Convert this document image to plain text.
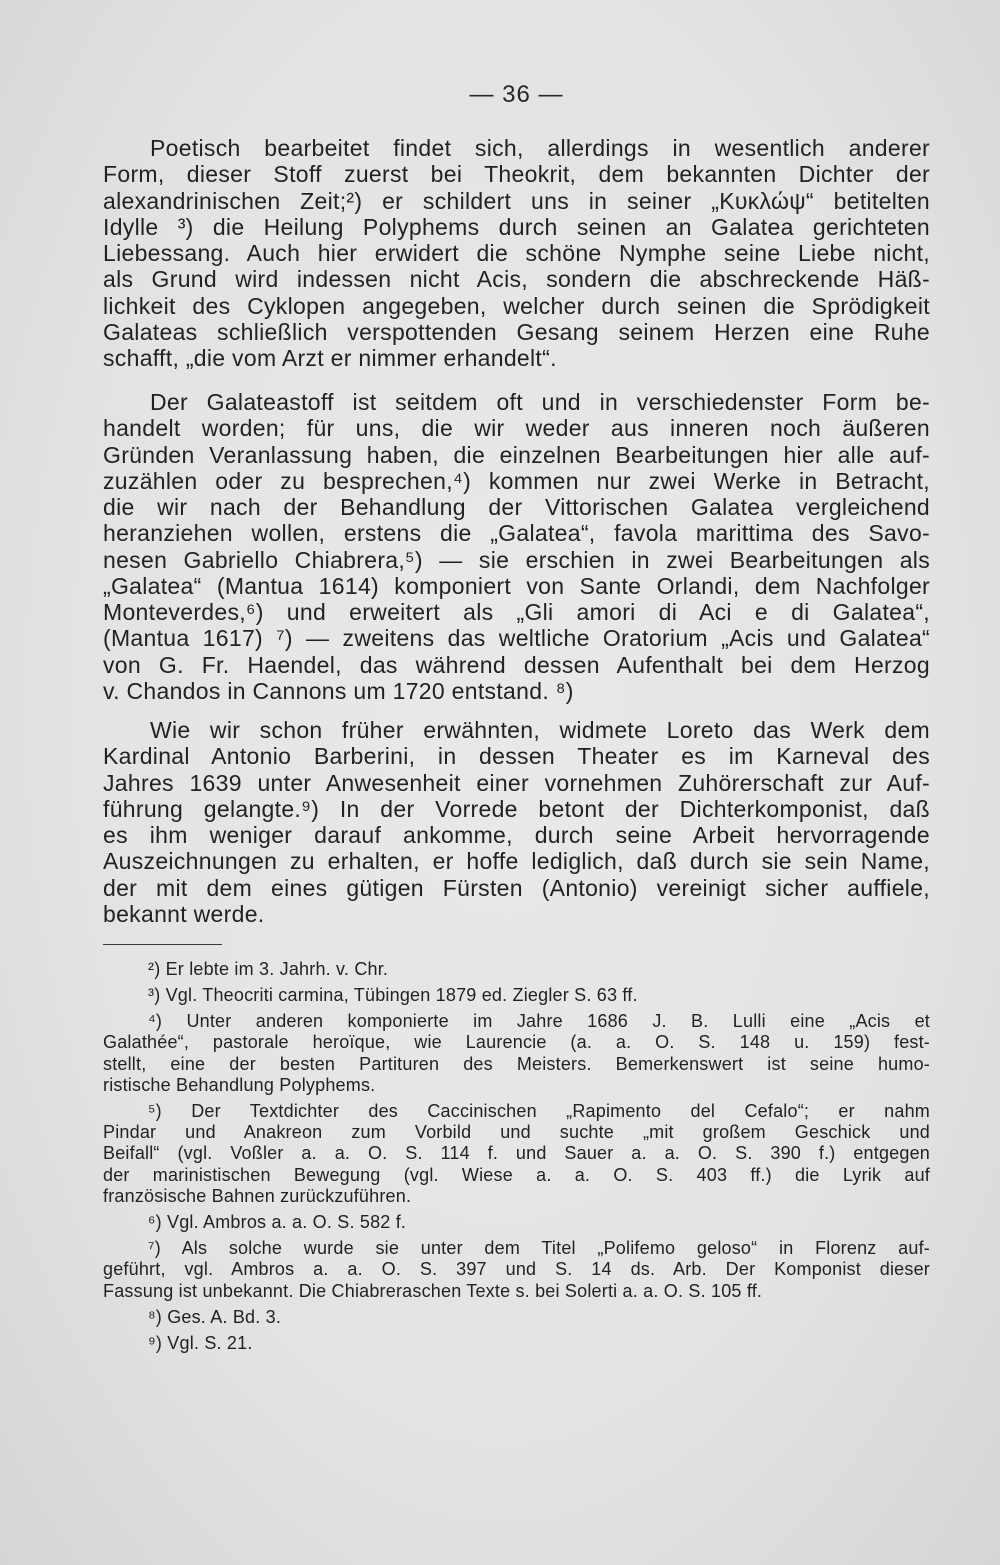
— 36 —
Poetisch bearbeitet findet sich, allerdings in wesentlich anderer
Form, dieser Stoff zuerst bei Theokrit, dem bekannten Dichter der
alexandrinischen Zeit;²) er schildert uns in seiner „Κυκλώψ“ betitelten
Idylle ³) die Heilung Polyphems durch seinen an Galatea gerichteten
Liebessang. Auch hier erwidert die schöne Nymphe seine Liebe nicht,
als Grund wird indessen nicht Acis, sondern die abschreckende Häß-
lichkeit des Cyklopen angegeben, welcher durch seinen die Sprödigkeit
Galateas schließlich verspottenden Gesang seinem Herzen eine Ruhe
schafft, „die vom Arzt er nimmer erhandelt“.
Der Galateastoff ist seitdem oft und in verschiedenster Form be-
handelt worden; für uns, die wir weder aus inneren noch äußeren
Gründen Veranlassung haben, die einzelnen Bearbeitungen hier alle auf-
zuzählen oder zu besprechen,⁴) kommen nur zwei Werke in Betracht,
die wir nach der Behandlung der Vittorischen Galatea vergleichend
heranziehen wollen, erstens die „Galatea“, favola marittima des Savo-
nesen Gabriello Chiabrera,⁵) — sie erschien in zwei Bearbeitungen als
„Galatea“ (Mantua 1614) komponiert von Sante Orlandi, dem Nachfolger
Monteverdes,⁶) und erweitert als „Gli amori di Aci e di Galatea“,
(Mantua 1617) ⁷) — zweitens das weltliche Oratorium „Acis und Galatea“
von G. Fr. Haendel, das während dessen Aufenthalt bei dem Herzog
v. Chandos in Cannons um 1720 entstand. ⁸)
Wie wir schon früher erwähnten, widmete Loreto das Werk dem
Kardinal Antonio Barberini, in dessen Theater es im Karneval des
Jahres 1639 unter Anwesenheit einer vornehmen Zuhörerschaft zur Auf-
führung gelangte.⁹) In der Vorrede betont der Dichterkomponist, daß
es ihm weniger darauf ankomme, durch seine Arbeit hervorragende
Auszeichnungen zu erhalten, er hoffe lediglich, daß durch sie sein Name,
der mit dem eines gütigen Fürsten (Antonio) vereinigt sicher auffiele,
bekannt werde.
²) Er lebte im 3. Jahrh. v. Chr.
³) Vgl. Theocriti carmina, Tübingen 1879 ed. Ziegler S. 63 ff.
⁴) Unter anderen komponierte im Jahre 1686 J. B. Lulli eine „Acis et
Galathée“, pastorale heroïque, wie Laurencie (a. a. O. S. 148 u. 159) fest-
stellt, eine der besten Partituren des Meisters. Bemerkenswert ist seine humo-
ristische Behandlung Polyphems.
⁵) Der Textdichter des Caccinischen „Rapimento del Cefalo“; er nahm
Pindar und Anakreon zum Vorbild und suchte „mit großem Geschick und
Beifall“ (vgl. Voßler a. a. O. S. 114 f. und Sauer a. a. O. S. 390 f.) entgegen
der marinistischen Bewegung (vgl. Wiese a. a. O. S. 403 ff.) die Lyrik auf
französische Bahnen zurückzuführen.
⁶) Vgl. Ambros a. a. O. S. 582 f.
⁷) Als solche wurde sie unter dem Titel „Polifemo geloso“ in Florenz auf-
geführt, vgl. Ambros a. a. O. S. 397 und S. 14 ds. Arb. Der Komponist dieser
Fassung ist unbekannt. Die Chiabreraschen Texte s. bei Solerti a. a. O. S. 105 ff.
⁸) Ges. A. Bd. 3.
⁹) Vgl. S. 21.
